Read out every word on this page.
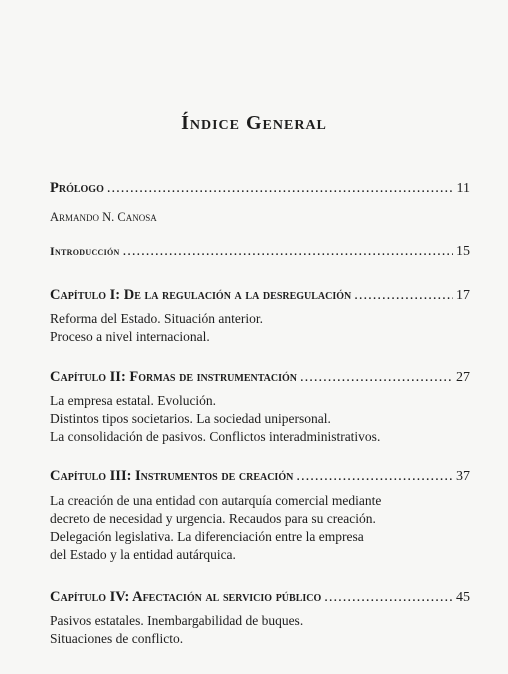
Índice General
Prólogo .....	11
Armando N. Canosa
Introducción .....	15
Capítulo I: De la regulación a la desregulación .....	17
Reforma del Estado. Situación anterior.
Proceso a nivel internacional.
Capítulo II: Formas de instrumentación .....	27
La empresa estatal. Evolución.
Distintos tipos societarios. La sociedad unipersonal.
La consolidación de pasivos. Conflictos interadministrativos.
Capítulo III: Instrumentos de creación .....	37
La creación de una entidad con autarquía comercial mediante
decreto de necesidad y urgencia. Recaudos para su creación.
Delegación legislativa. La diferenciación entre la empresa
del Estado y la entidad autárquica.
Capítulo IV: Afectación al servicio público .....	45
Pasivos estatales. Inembargabilidad de buques.
Situaciones de conflicto.
